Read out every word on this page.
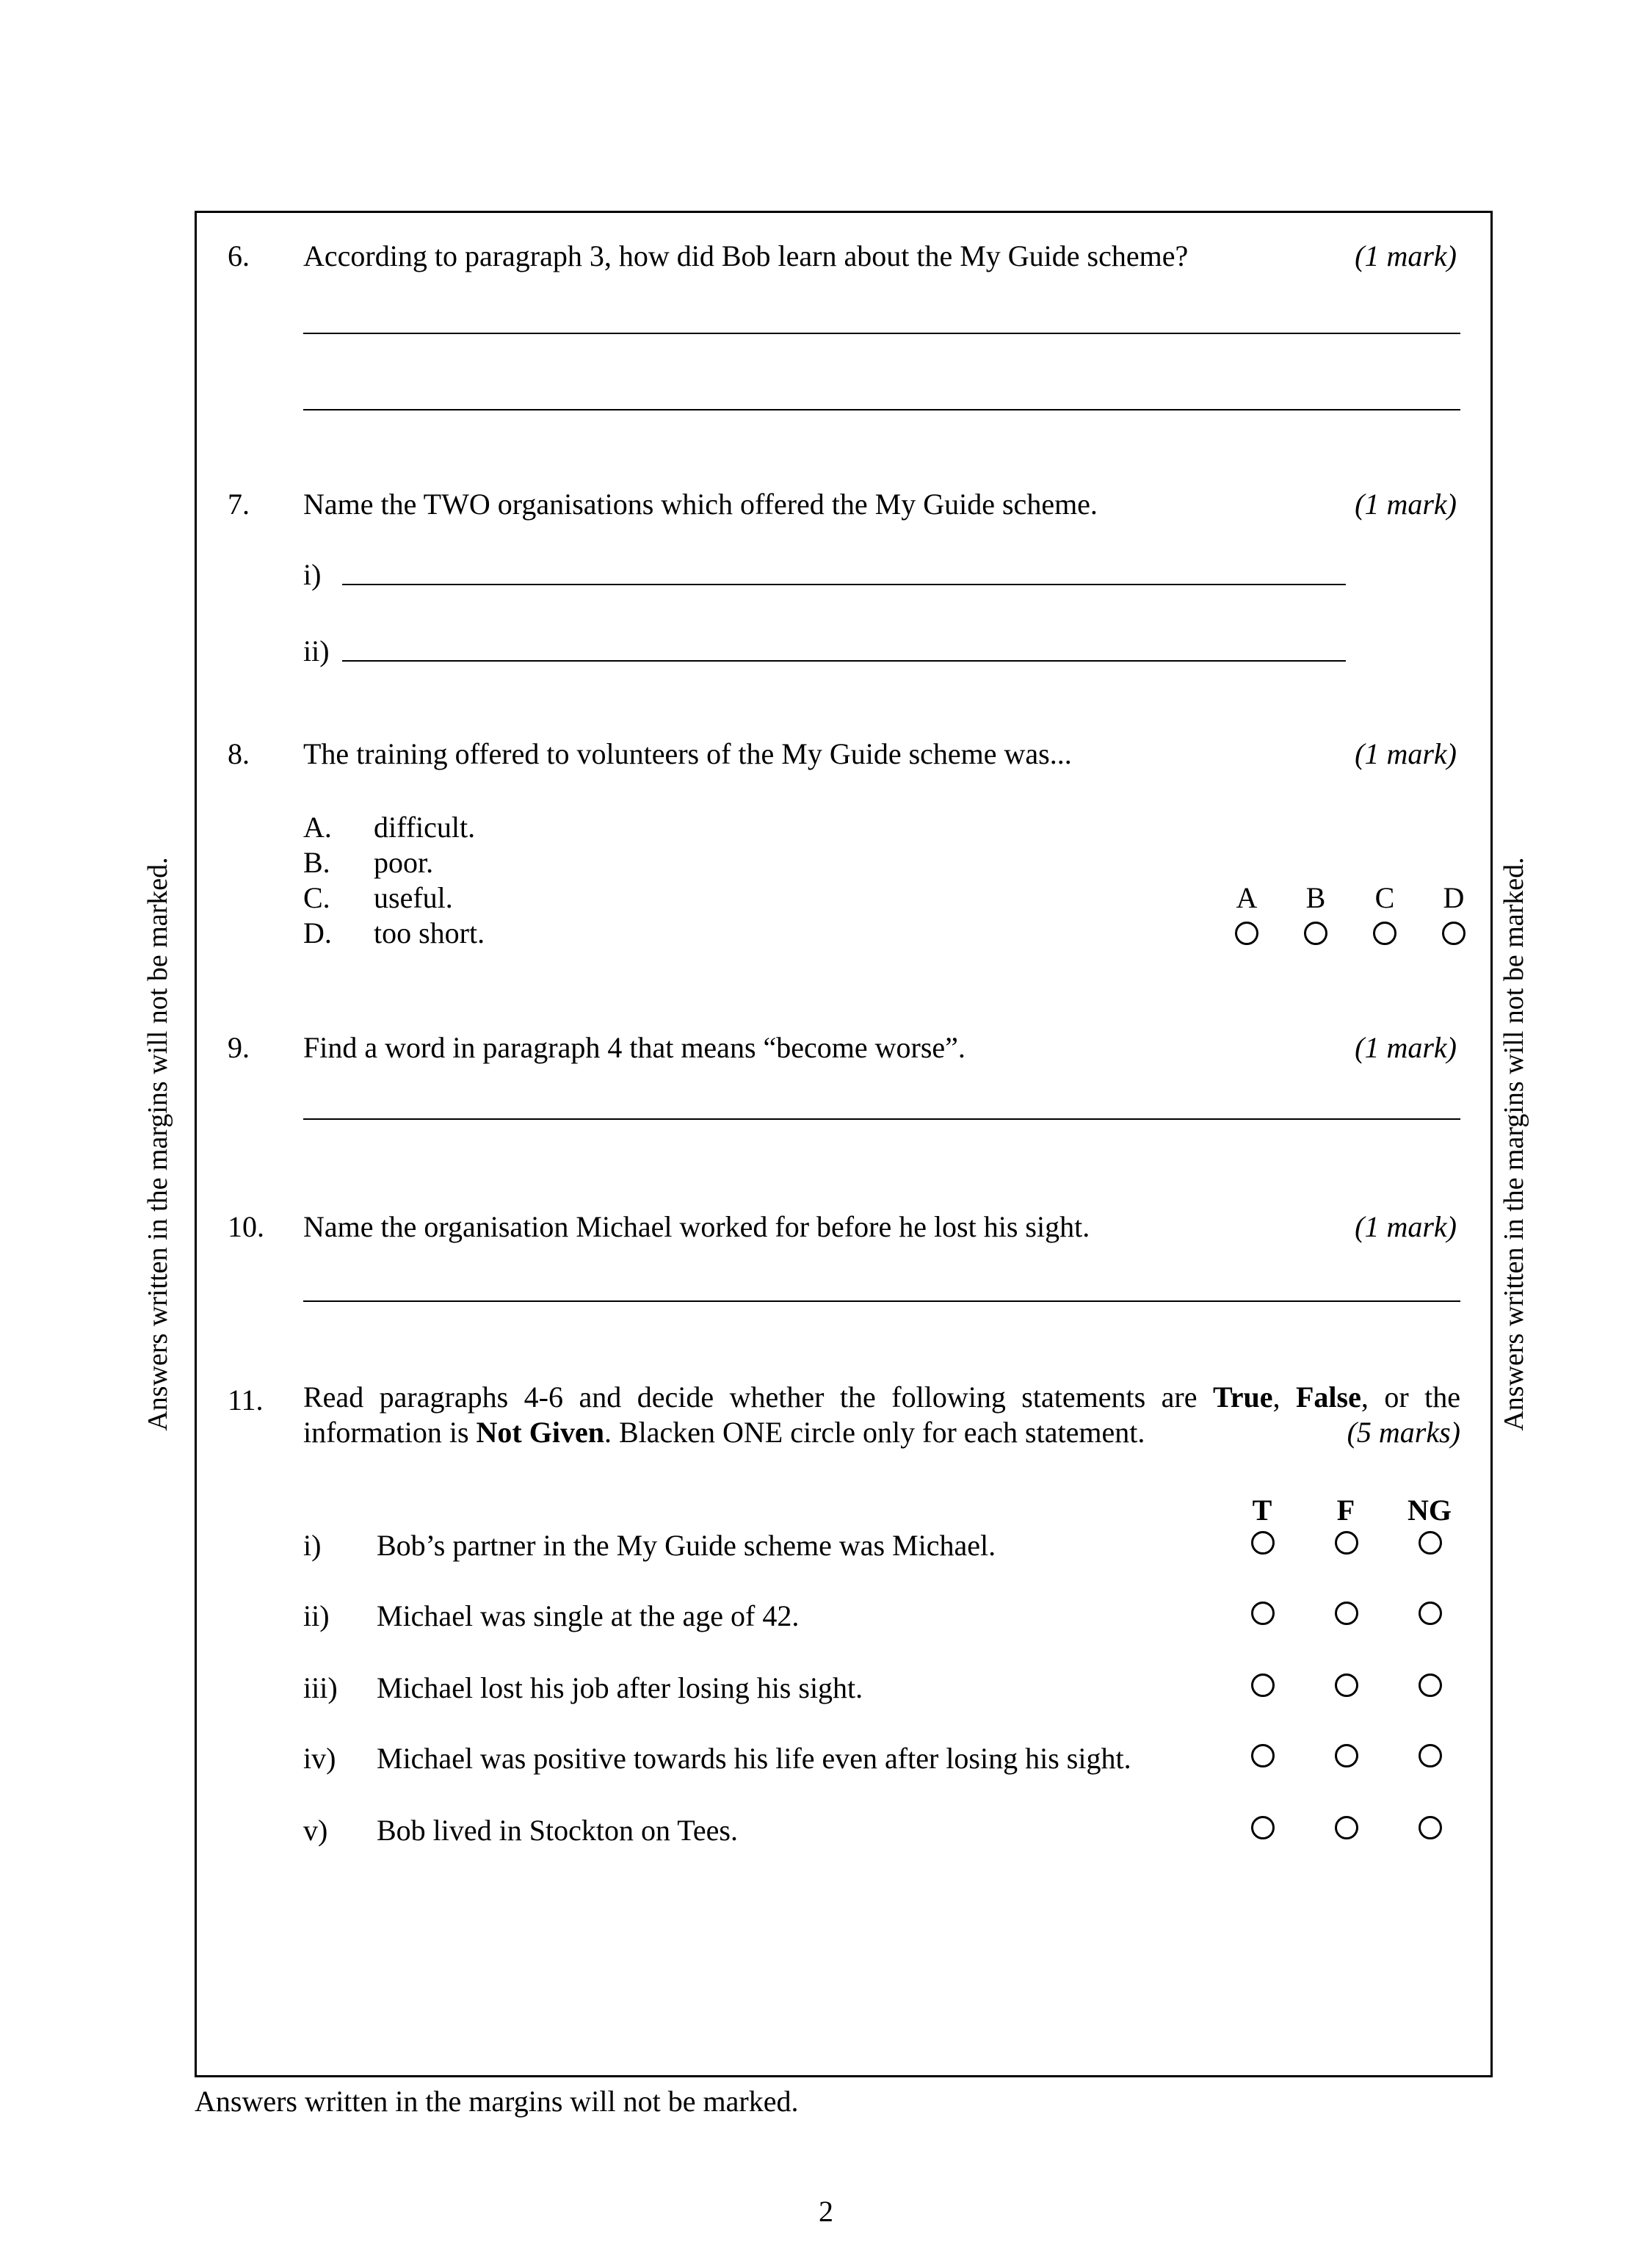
Answers written in the margins will not be marked.	Answers written in the margins will not be marked.
6. According to paragraph 3, how did Bob learn about the My Guide scheme?	(1 mark)
7. Name the TWO organisations which offered the My Guide scheme.	(1 mark)
i)
ii)
8. The training offered to volunteers of the My Guide scheme was...	(1 mark)
A. difficult.
B. poor.
C. useful.	A	B	C	D
D. too short.
9. Find a word in paragraph 4 that means “become worse”.	(1 mark)
10. Name the organisation Michael worked for before he lost his sight.	(1 mark)
11. Read paragraphs 4-6 and decide whether the following statements are True, False, or the information is Not Given. Blacken ONE circle only for each statement.	(5 marks)

T	F	NG
i) Bob’s partner in the My Guide scheme was Michael.
ii) Michael was single at the age of 42.
iii) Michael lost his job after losing his sight.
iv) Michael was positive towards his life even after losing his sight.
v) Bob lived in Stockton on Tees.
Answers written in the margins will not be marked.
2
